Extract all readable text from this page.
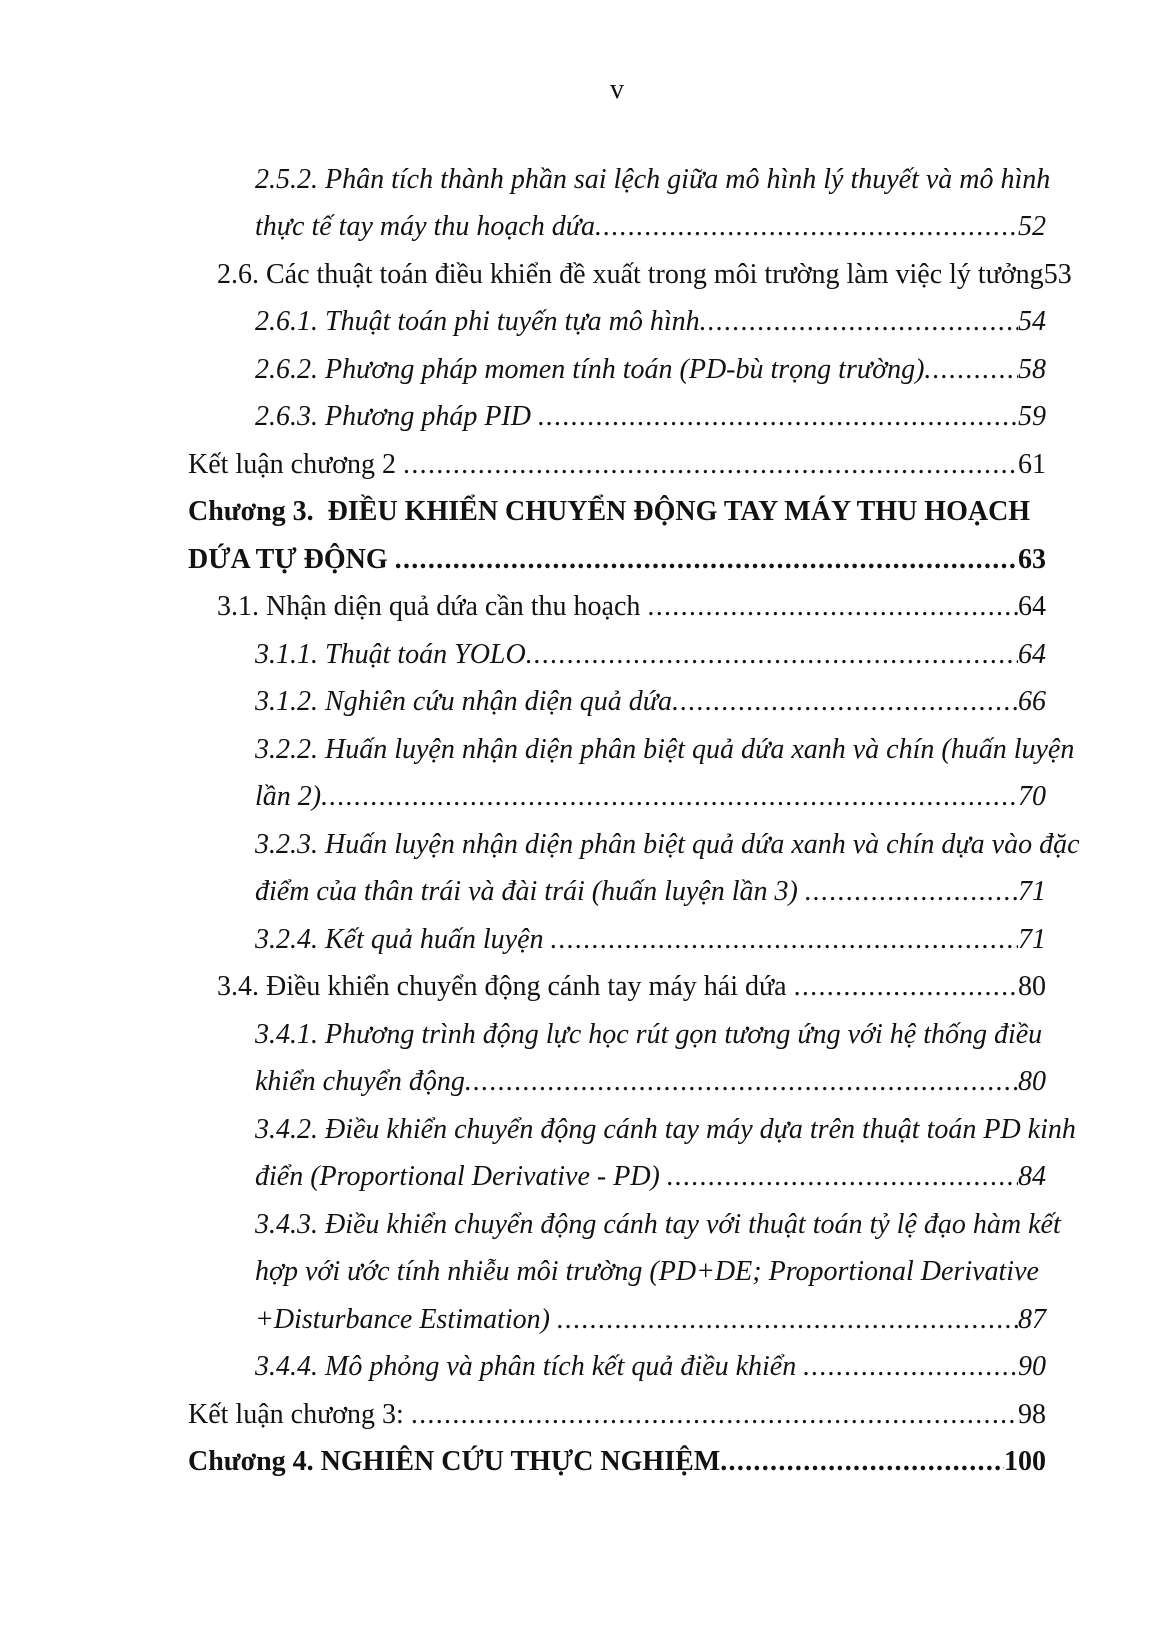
v
2.5.2. Phân tích thành phần sai lệch giữa mô hình lý thuyết và mô hình
thực tế tay máy thu hoạch dứa .....	52
2.6. Các thuật toán điều khiển đề xuất trong môi trường làm việc lý tưởng 53
2.6.1. Thuật toán phi tuyến tựa mô hình .....	54
2.6.2. Phương pháp momen tính toán (PD-bù trọng trường) .....	58
2.6.3. Phương pháp PID .....	59
Kết luận chương 2 .....	61
Chương 3.  ĐIỀU KHIỂN CHUYỂN ĐỘNG TAY MÁY THU HOẠCH
DỨA TỰ ĐỘNG .....	63
3.1. Nhận diện quả dứa cần thu hoạch .....	64
3.1.1. Thuật toán YOLO .....	64
3.1.2. Nghiên cứu nhận diện quả dứa .....	66
3.2.2. Huấn luyện nhận diện phân biệt quả dứa xanh và chín (huấn luyện
lần 2) .....	70
3.2.3. Huấn luyện nhận diện phân biệt quả dứa xanh và chín dựa vào đặc
điểm của thân trái và đài trái (huấn luyện lần 3) .....	71
3.2.4. Kết quả huấn luyện .....	71
3.4. Điều khiển chuyển động cánh tay máy hái dứa .....	80
3.4.1. Phương trình động lực học rút gọn tương ứng với hệ thống điều
khiển chuyển động .....	80
3.4.2. Điều khiển chuyển động cánh tay máy dựa trên thuật toán PD kinh
điển (Proportional Derivative - PD) .....	84
3.4.3. Điều khiển chuyển động cánh tay với thuật toán tỷ lệ đạo hàm kết
hợp với ước tính nhiễu môi trường (PD+DE; Proportional Derivative
+Disturbance Estimation) .....	87
3.4.4. Mô phỏng và phân tích kết quả điều khiển .....	90
Kết luận chương 3: .....	98
Chương 4. NGHIÊN CỨU THỰC NGHIỆM .....	100
